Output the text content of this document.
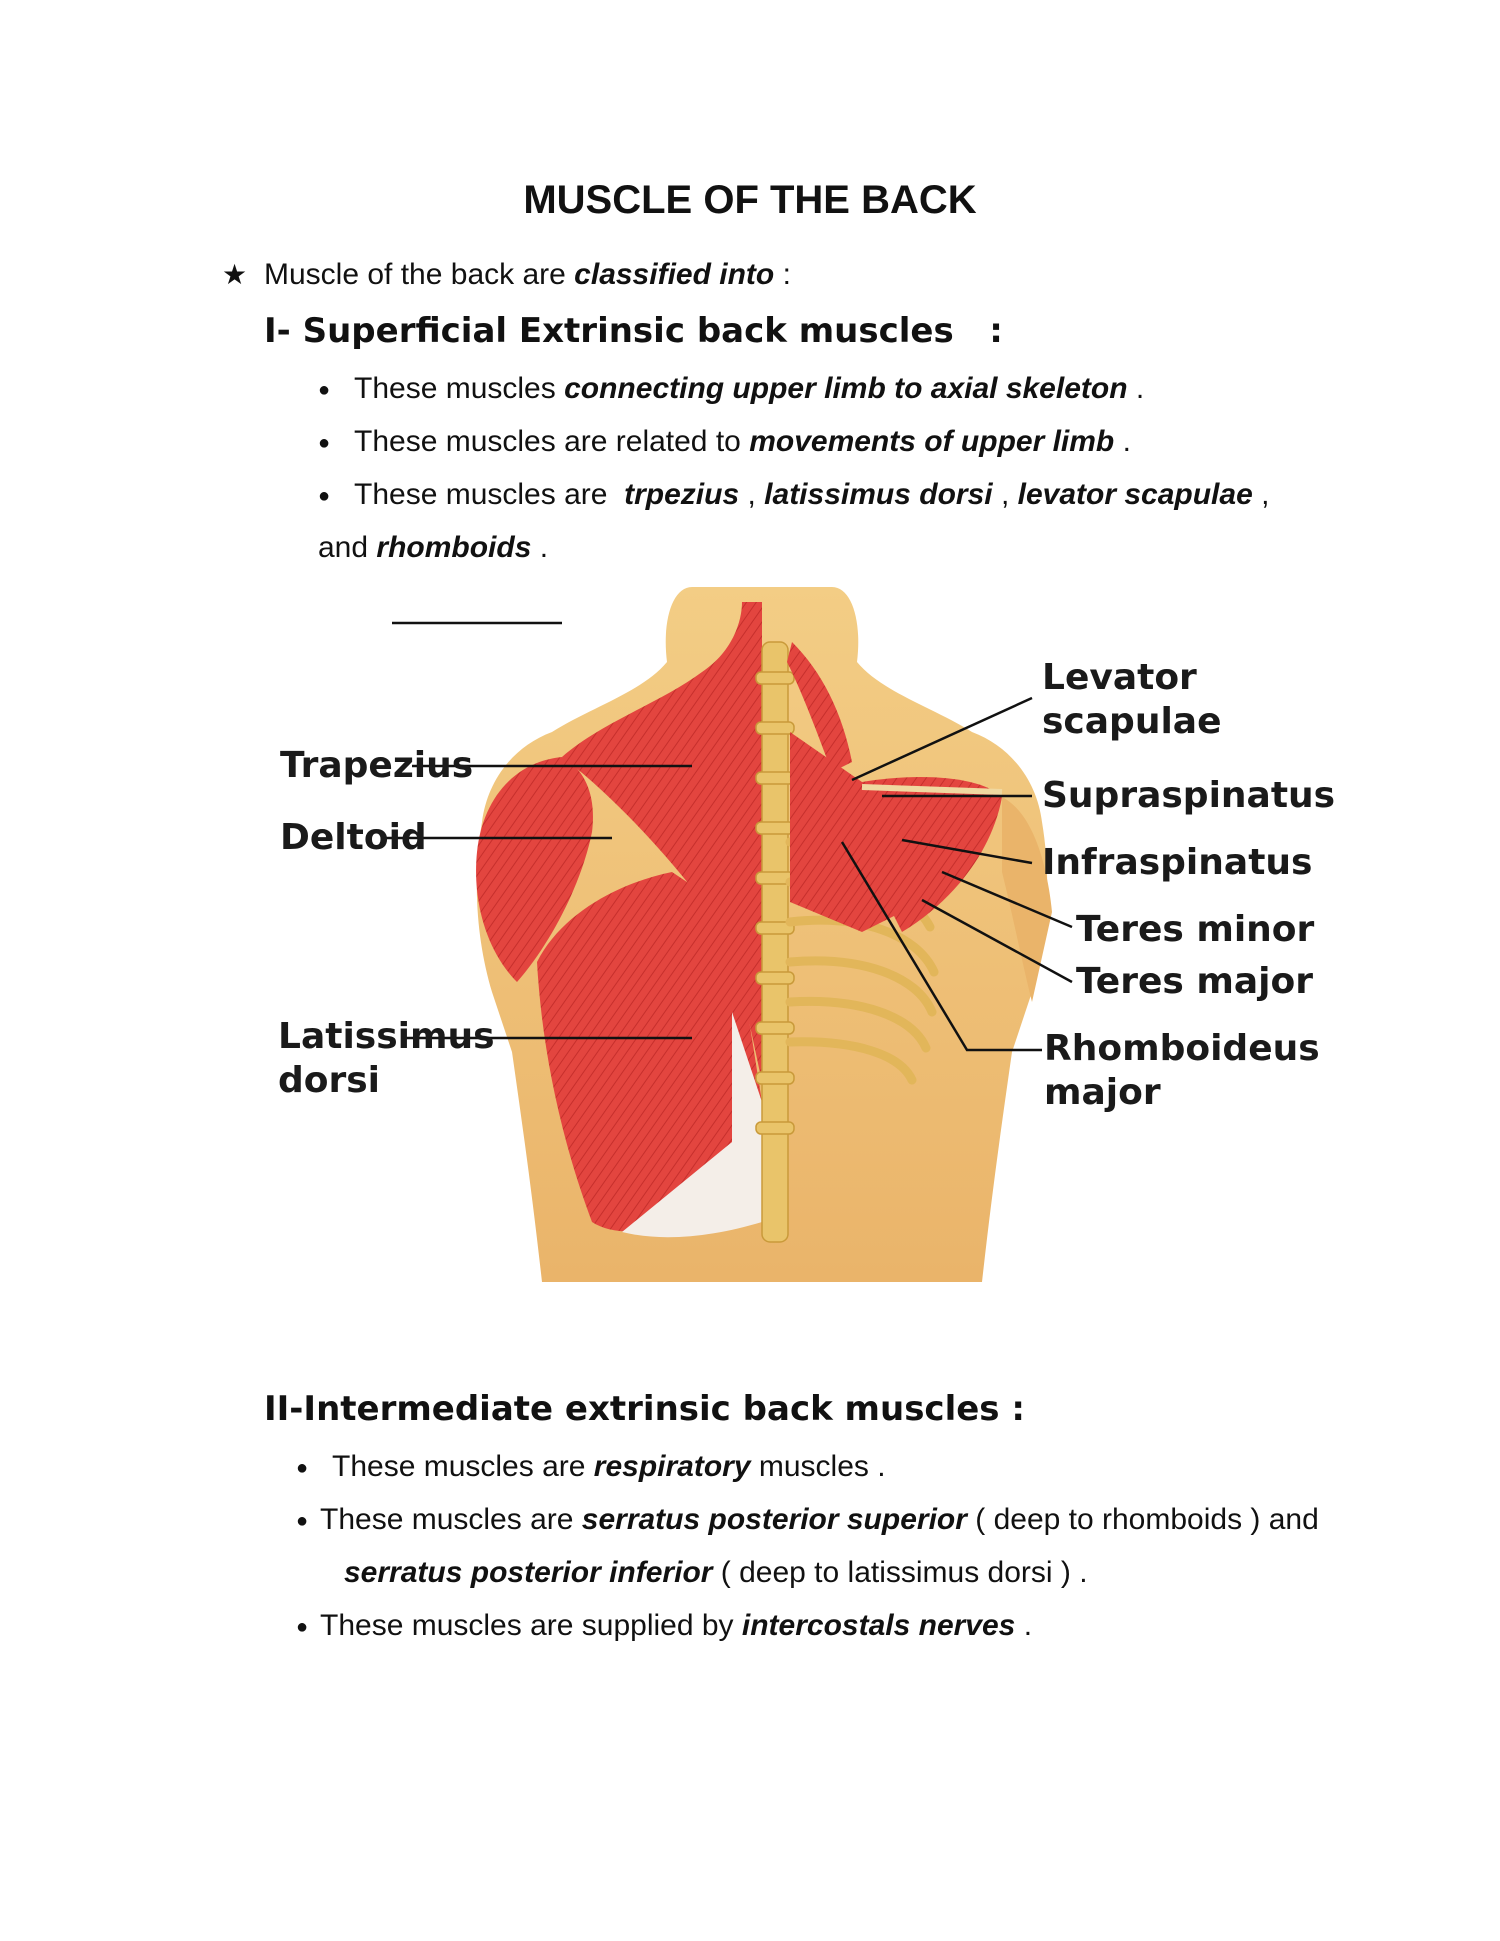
MUSCLE OF THE BACK
★ Muscle of the back are classified into :
I- Superficial Extrinsic back muscles :
● These muscles connecting upper limb to axial skeleton .
● These muscles are related to movements of upper limb .
● These muscles are trpezius , latissimus dorsi , levator scapulae ,
and rhomboids .
Trapezius
Deltoid
Latissimus
dorsi
Levator
scapulae
Supraspinatus
Infraspinatus
Teres minor
Teres major
Rhomboideus
major
II-Intermediate extrinsic back muscles :
● These muscles are respiratory muscles .
● These muscles are serratus posterior superior ( deep to rhomboids ) and
serratus posterior inferior ( deep to latissimus dorsi ) .
● These muscles are supplied by intercostals nerves .
